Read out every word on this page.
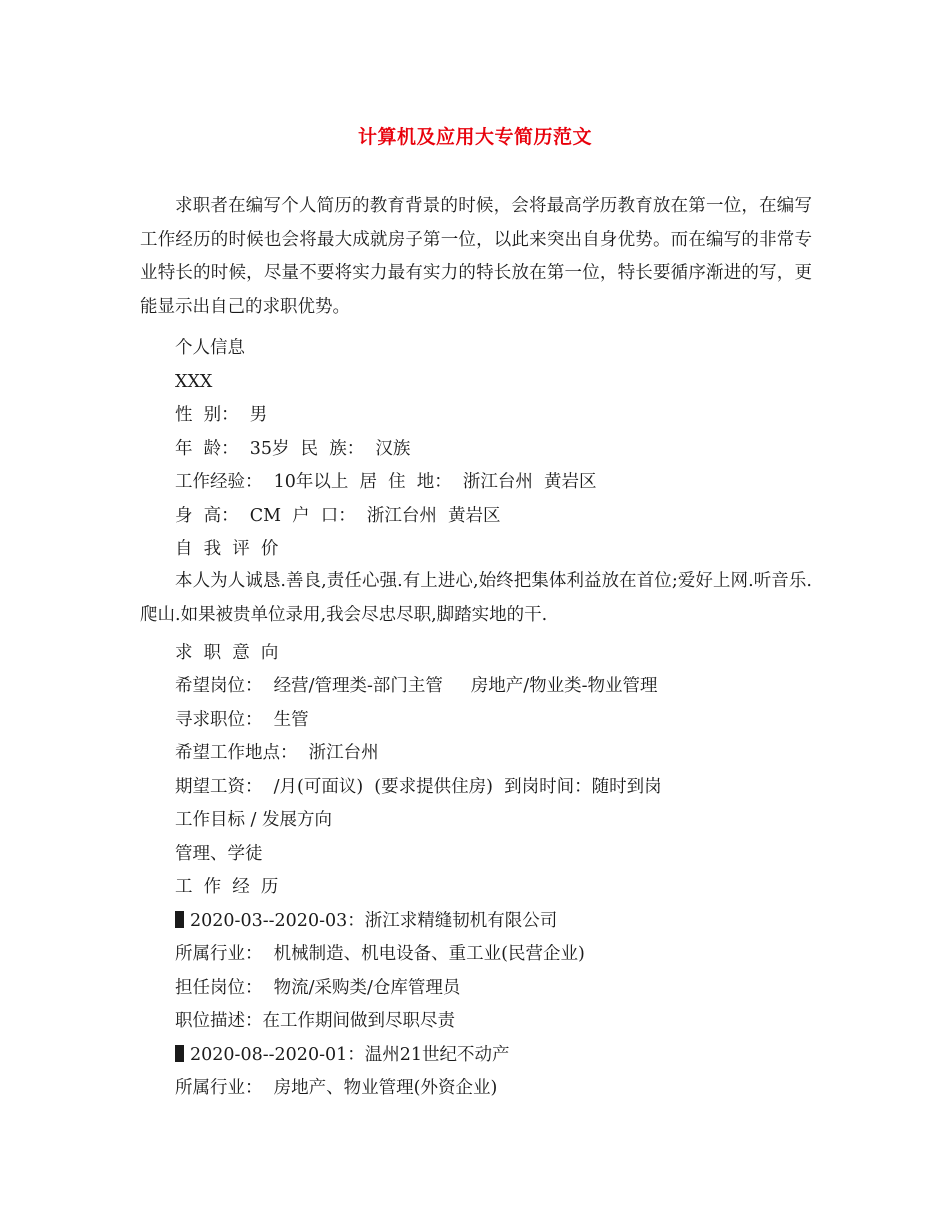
计算机及应用大专简历范文
求职者在编写个人简历的教育背景的时候，会将最高学历教育放在第一位，在编写工作经历的时候也会将最大成就房子第一位，以此来突出自身优势。而在编写的非常专业特长的时候，尽量不要将实力最有实力的特长放在第一位，特长要循序渐进的写，更能显示出自己的求职优势。
个人信息
XXX
性  别：  男
年  龄：  35岁  民  族：  汉族
工作经验：  10年以上  居  住  地：  浙江台州  黄岩区
身  高：  CM  户  口：  浙江台州  黄岩区
自  我  评  价
本人为人诚恳.善良,责任心强.有上进心,始终把集体利益放在首位;爱好上网.听音乐.爬山.如果被贵单位录用,我会尽忠尽职,脚踏实地的干.
求  职  意  向
希望岗位：  经营/管理类-部门主管     房地产/物业类-物业管理
寻求职位：  生管
希望工作地点：  浙江台州
期望工资：  /月(可面议)  (要求提供住房)  到岗时间：随时到岗
工作目标 / 发展方向
管理、学徒
工  作  经  历
2020-03--2020-03：浙江求精缝韧机有限公司
所属行业：  机械制造、机电设备、重工业(民营企业)
担任岗位：  物流/采购类/仓库管理员
职位描述：在工作期间做到尽职尽责
2020-08--2020-01：温州21世纪不动产
所属行业：  房地产、物业管理(外资企业)
